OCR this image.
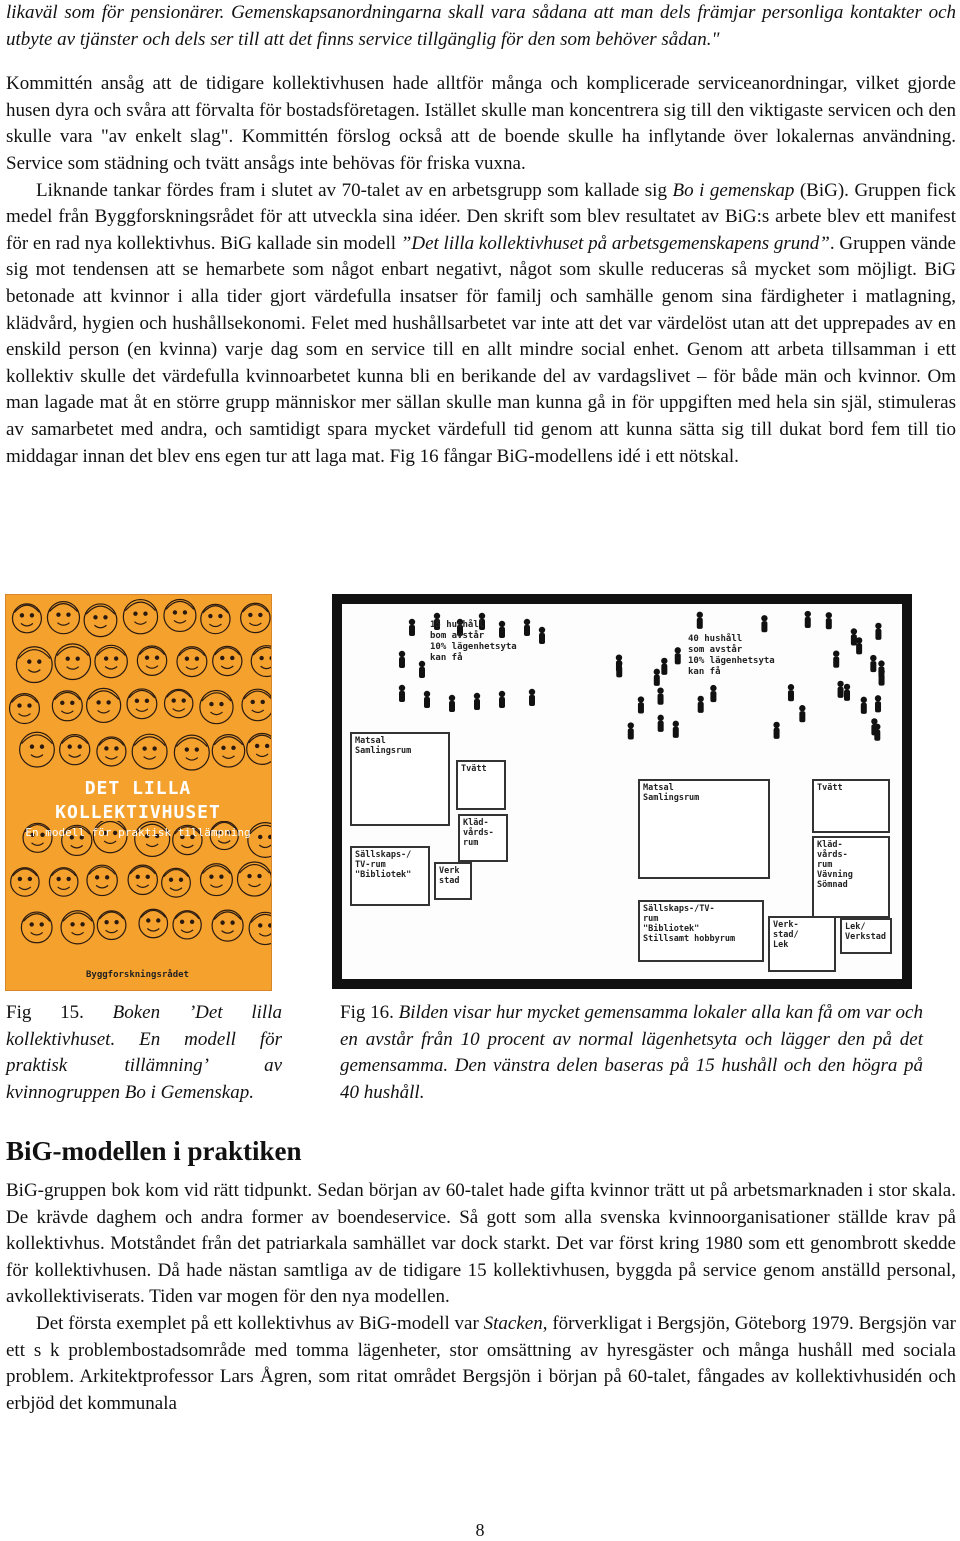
likaväl som för pensionärer. Gemenskapsanordningarna skall vara sådana att man dels främjar personliga kontakter och utbyte av tjänster och dels ser till att det finns service tillgänglig för den som behöver sådan."

Kommittén ansåg att de tidigare kollektivhusen hade alltför många och komplicerade serviceanordningar, vilket gjorde husen dyra och svåra att förvalta för bostadsföretagen. Istället skulle man koncentrera sig till den viktigaste servicen och den skulle vara "av enkelt slag". Kommittén förslog också att de boende skulle ha inflytande över lokalernas användning. Service som städning och tvätt ansågs inte behövas för friska vuxna.

Liknande tankar fördes fram i slutet av 70-talet av en arbetsgrupp som kallade sig Bo i gemenskap (BiG). Gruppen fick medel från Byggforskningsrådet för att utveckla sina idéer. Den skrift som blev resultatet av BiG:s arbete blev ett manifest för en rad nya kollektivhus. BiG kallade sin modell ”Det lilla kollektivhuset på arbetsgemenskapens grund”. Gruppen vände sig mot tendensen att se hemarbete som något enbart negativt, något som skulle reduceras så mycket som möjligt. BiG betonade att kvinnor i alla tider gjort värdefulla insatser för familj och samhälle genom sina färdigheter i matlagning, klädvård, hygien och hushållsekonomi. Felet med hushållsarbetet var inte att det var värdelöst utan att det upprepades av en enskild person (en kvinna) varje dag som en service till en allt mindre social enhet. Genom att arbeta tillsamman i ett kollektiv skulle det värdefulla kvinnoarbetet kunna bli en berikande del av vardagslivet – för både män och kvinnor. Om man lagade mat åt en större grupp människor mer sällan skulle man kunna gå in för uppgiften med hela sin själ, stimuleras av samarbetet med andra, och samtidigt spara mycket värdefull tid genom att kunna sätta sig till dukat bord fem till tio middagar innan det blev ens egen tur att laga mat. Fig 16 fångar BiG-modellens idé i ett nötskal.

DET LILLA KOLLEKTIVHUSET
En modell för praktisk tillämpning
Byggforskningsrådet
15 hushåll
bom avstår
10% lägenhetsyta
kan få
40 hushåll
som avstår
10% lägenhetsyta
kan få
Matsal
Samlingsrum
Tvätt
Kläd-
vårds-
rum
Sällskaps-/
TV-rum
"Bibliotek"	Verk
stad
Matsal
Samlingsrum
Tvätt
Kläd-
vårds-
rum
Vävning
Sömnad
Sällskaps-/TV-
rum
"Bibliotek"
Stillsamt hobbyrum
Verk-
stad/
Lek
Lek/
Verkstad
Fig 15. Boken ’Det lilla kollektivhuset. En modell för praktisk tillämning’ av kvinnogruppen Bo i Gemenskap.
Fig 16. Bilden visar hur mycket gemensamma lokaler alla kan få om var och en avstår från 10 procent av normal lägenhetsyta och lägger den på det gemensamma. Den vänstra delen baseras på 15 hushåll och den högra på 40 hushåll.
BiG-modellen i praktiken

BiG-gruppen bok kom vid rätt tidpunkt. Sedan början av 60-talet hade gifta kvinnor trätt ut på arbetsmarknaden i stor skala. De krävde daghem och andra former av boendeservice. Så gott som alla svenska kvinnoorganisationer ställde krav på kollektivhus. Motståndet från det patriarkala samhället var dock starkt. Det var först kring 1980 som ett genombrott skedde för kollektivhusen. Då hade nästan samtliga av de tidigare 15 kollektivhusen, byggda på service genom anställd personal, avkollektiviserats. Tiden var mogen för den nya modellen.

Det första exemplet på ett kollektivhus av BiG-modell var Stacken, förverkligat i Bergsjön, Göteborg 1979. Bergsjön var ett s k problembostadsområde med tomma lägenheter, stor omsättning av hyresgäster och många hushåll med sociala problem. Arkitektprofessor Lars Ågren, som ritat området Bergsjön i början på 60-talet, fångades av kollektivhusidén och erbjöd det kommunala

8
